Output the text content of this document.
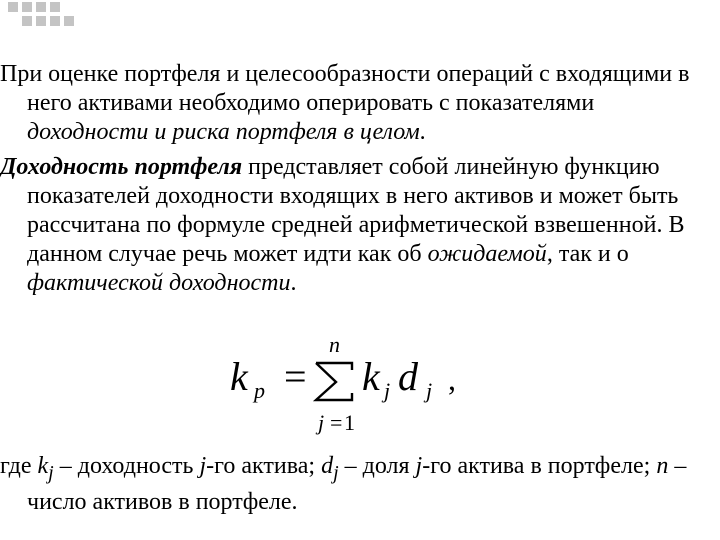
При оценке портфеля и целесообразности операций с входящими в него активами необходимо оперировать с показателями доходности и риска портфеля в целом.

Доходность портфеля представляет собой линейную функцию показателей доходности входящих в него активов и может быть рассчитана по формуле средней арифметической взвешенной. В данном случае речь может идти как об ожидаемой, так и о фактической доходности.

k p =
n
j = 1
k j d j ,

где $k_j$ – доходность j-го актива; $d_j$ – доля j-го актива в портфеле; n – число активов в портфеле.
